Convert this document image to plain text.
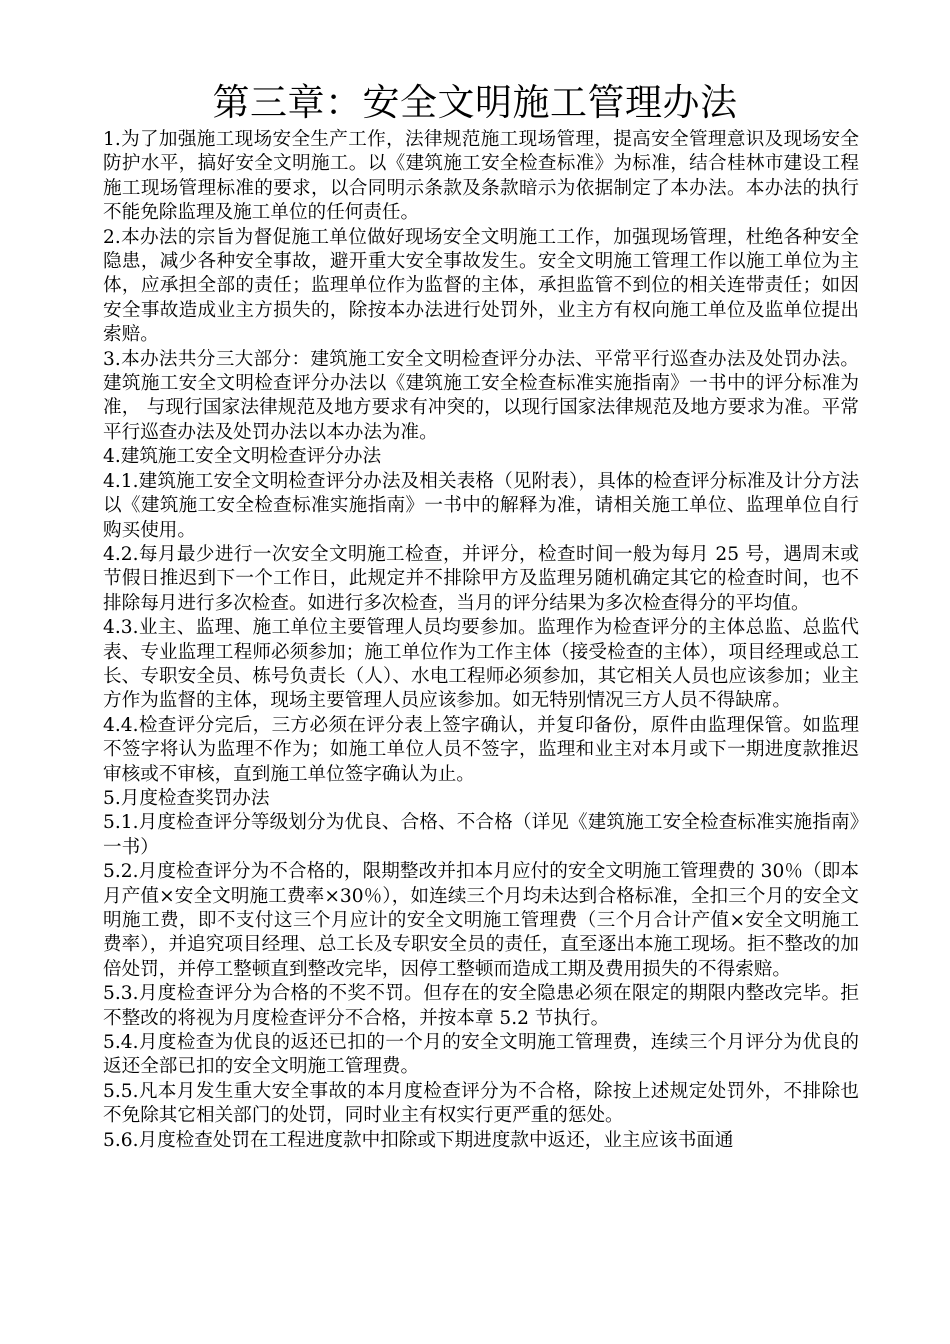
第三章：安全文明施工管理办法

1.为了加强施工现场安全生产工作，法律规范施工现场管理，提高安全管理意识及现场安全防护水平，搞好安全文明施工。以《建筑施工安全检查标准》为标准，结合桂林市建设工程施工现场管理标准的要求，以合同明示条款及条款暗示为依据制定了本办法。本办法的执行不能免除监理及施工单位的任何责任。

2.本办法的宗旨为督促施工单位做好现场安全文明施工工作，加强现场管理，杜绝各种安全隐患，减少各种安全事故，避开重大安全事故发生。安全文明施工管理工作以施工单位为主体，应承担全部的责任；监理单位作为监督的主体，承担监管不到位的相关连带责任；如因安全事故造成业主方损失的，除按本办法进行处罚外，业主方有权向施工单位及监单位提出索赔。

3.本办法共分三大部分：建筑施工安全文明检查评分办法、平常平行巡查办法及处罚办法。建筑施工安全文明检查评分办法以《建筑施工安全检查标准实施指南》一书中的评分标准为准， 与现行国家法律规范及地方要求有冲突的，以现行国家法律规范及地方要求为准。平常平行巡查办法及处罚办法以本办法为准。

4.建筑施工安全文明检查评分办法

4.1.建筑施工安全文明检查评分办法及相关表格（见附表），具体的检查评分标准及计分方法以《建筑施工安全检查标准实施指南》一书中的解释为准，请相关施工单位、监理单位自行购买使用。

4.2.每月最少进行一次安全文明施工检查，并评分，检查时间一般为每月 25 号，遇周末或节假日推迟到下一个工作日，此规定并不排除甲方及监理另随机确定其它的检查时间，也不排除每月进行多次检查。如进行多次检查，当月的评分结果为多次检查得分的平均值。

4.3.业主、监理、施工单位主要管理人员均要参加。监理作为检查评分的主体总监、总监代表、专业监理工程师必须参加；施工单位作为工作主体（接受检查的主体），项目经理或总工长、专职安全员、栋号负责长（人）、水电工程师必须参加，其它相关人员也应该参加；业主方作为监督的主体，现场主要管理人员应该参加。如无特别情况三方人员不得缺席。

4.4.检查评分完后，三方必须在评分表上签字确认，并复印备份，原件由监理保管。如监理不签字将认为监理不作为；如施工单位人员不签字，监理和业主对本月或下一期进度款推迟审核或不审核，直到施工单位签字确认为止。

5.月度检查奖罚办法

5.1.月度检查评分等级划分为优良、合格、不合格（详见《建筑施工安全检查标准实施指南》一书）

5.2.月度检查评分为不合格的，限期整改并扣本月应付的安全文明施工管理费的 30％（即本月产值×安全文明施工费率×30％），如连续三个月均未达到合格标准，全扣三个月的安全文明施工费，即不支付这三个月应计的安全文明施工管理费（三个月合计产值×安全文明施工费率），并追究项目经理、总工长及专职安全员的责任，直至逐出本施工现场。拒不整改的加倍处罚，并停工整顿直到整改完毕，因停工整顿而造成工期及费用损失的不得索赔。

5.3.月度检查评分为合格的不奖不罚。但存在的安全隐患必须在限定的期限内整改完毕。拒不整改的将视为月度检查评分不合格，并按本章 5.2 节执行。

5.4.月度检查为优良的返还已扣的一个月的安全文明施工管理费，连续三个月评分为优良的返还全部已扣的安全文明施工管理费。

5.5.凡本月发生重大安全事故的本月度检查评分为不合格，除按上述规定处罚外，不排除也不免除其它相关部门的处罚，同时业主有权实行更严重的惩处。

5.6.月度检查处罚在工程进度款中扣除或下期进度款中返还，业主应该书面通
